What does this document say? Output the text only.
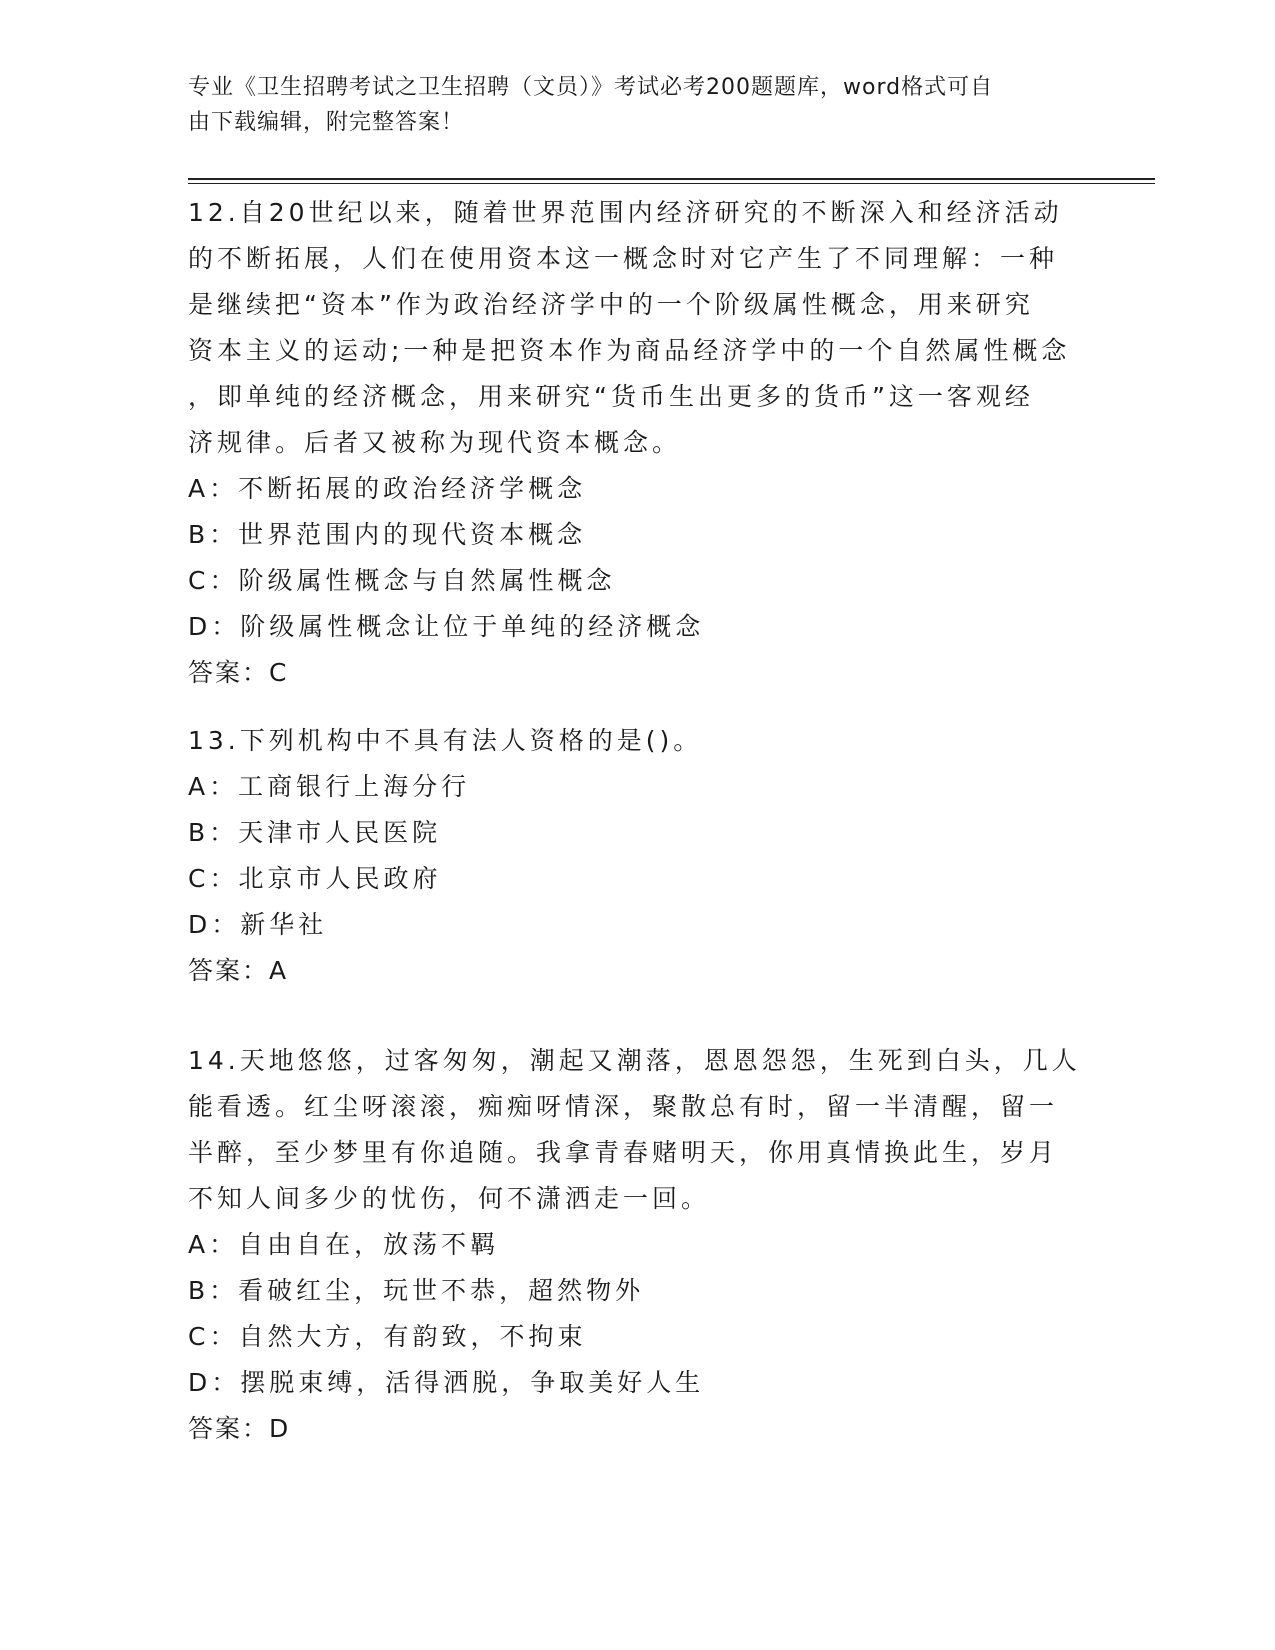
专业《卫生招聘考试之卫生招聘（文员）》考试必考200题题库，word格式可自
由下载编辑，附完整答案！

12.自20世纪以来，随着世界范围内经济研究的不断深入和经济活动

的不断拓展，人们在使用资本这一概念时对它产生了不同理解：一种

是继续把“资本”作为政治经济学中的一个阶级属性概念，用来研究

资本主义的运动;一种是把资本作为商品经济学中的一个自然属性概念

，即单纯的经济概念，用来研究“货币生出更多的货币”这一客观经

济规律。后者又被称为现代资本概念。

A：不断拓展的政治经济学概念

B：世界范围内的现代资本概念

C：阶级属性概念与自然属性概念

D：阶级属性概念让位于单纯的经济概念

答案：C

13.下列机构中不具有法人资格的是()。

A：工商银行上海分行

B：天津市人民医院

C：北京市人民政府

D：新华社

答案：A

14.天地悠悠，过客匆匆，潮起又潮落，恩恩怨怨，生死到白头，几人

能看透。红尘呀滚滚，痴痴呀情深，聚散总有时，留一半清醒，留一

半醉，至少梦里有你追随。我拿青春赌明天，你用真情换此生，岁月

不知人间多少的忧伤，何不潇洒走一回。

A：自由自在，放荡不羁

B：看破红尘，玩世不恭，超然物外

C：自然大方，有韵致，不拘束

D：摆脱束缚，活得洒脱，争取美好人生

答案：D
